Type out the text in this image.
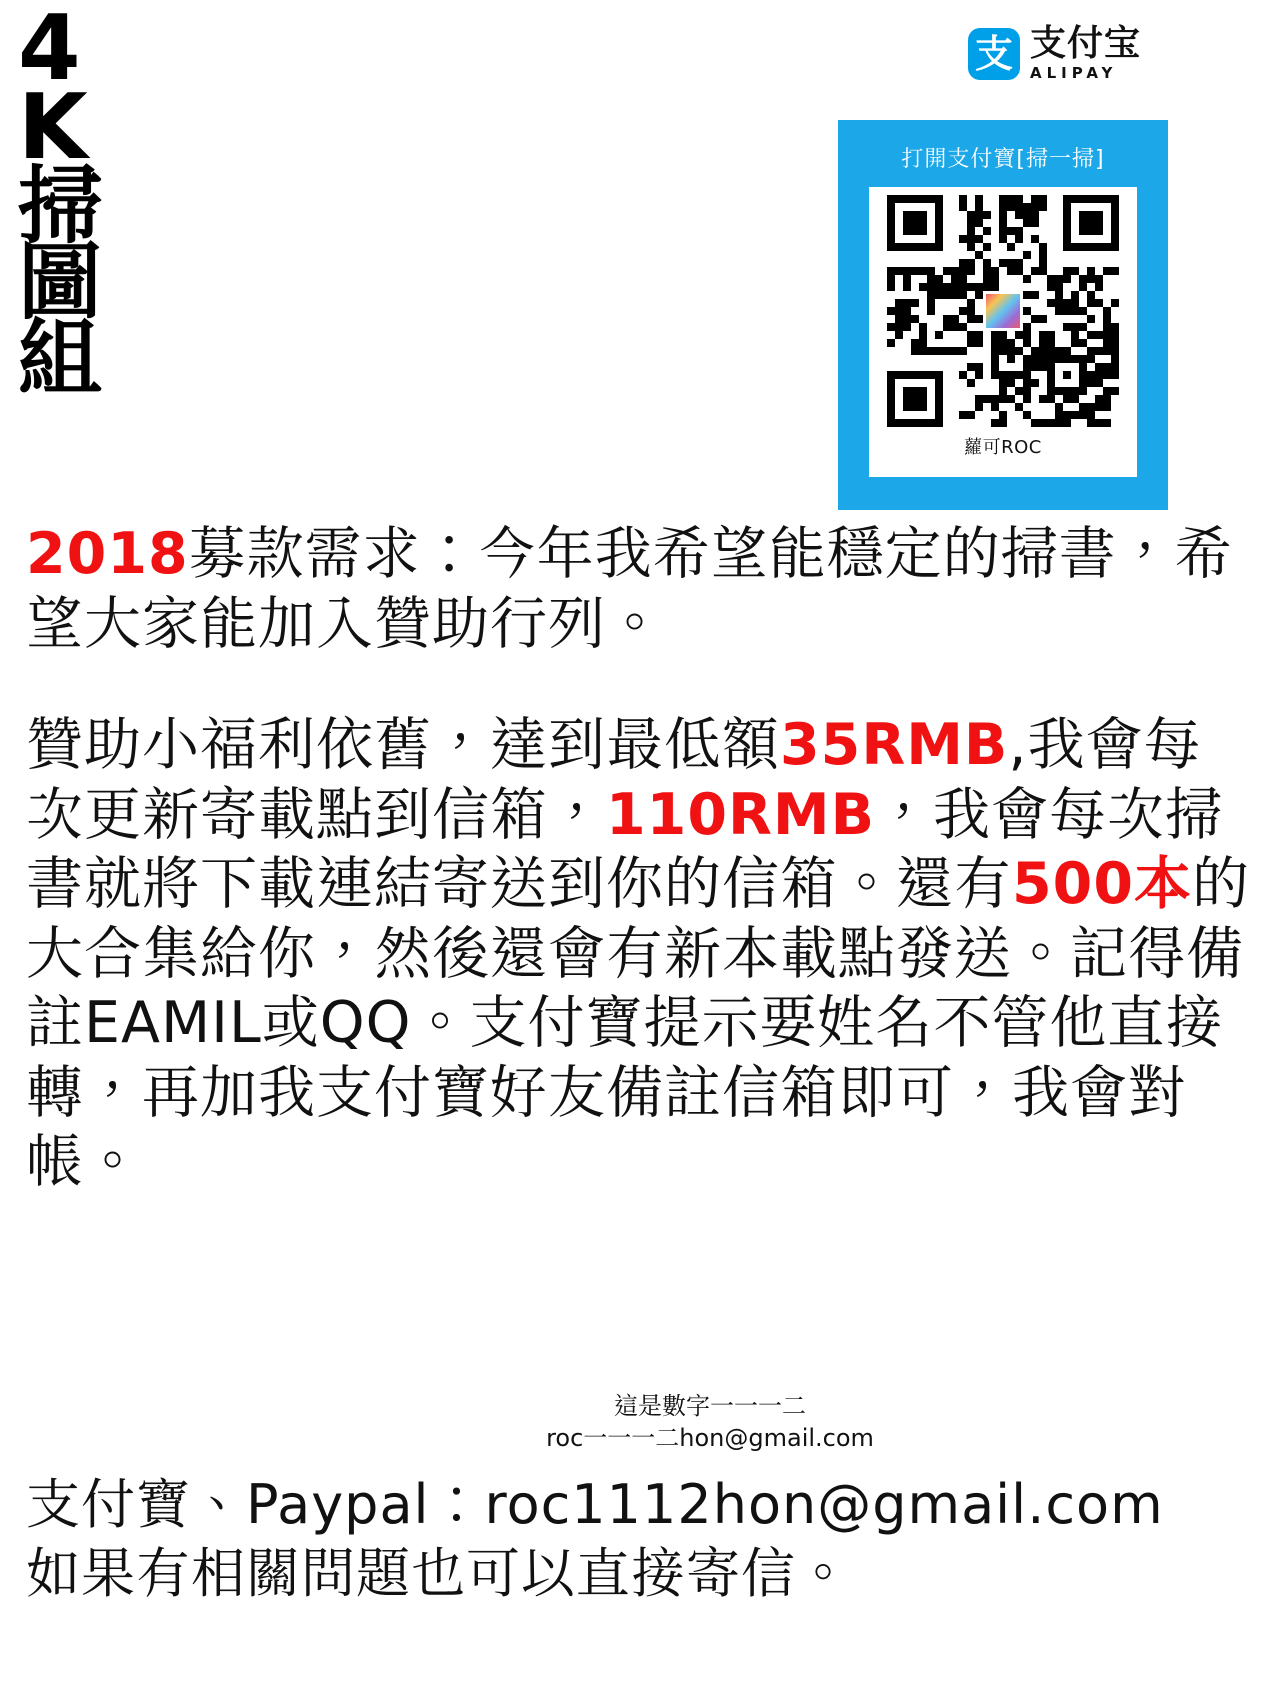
4
K
掃
圖
組
支 支付宝
ALIPAY
打開支付寶[掃一掃]
蘿可ROC

2018募款需求：今年我希望能穩定的掃書，希望大家能加入贊助行列。

贊助小福利依舊，達到最低額35RMB,我會每次更新寄載點到信箱，110RMB，我會每次掃書就將下載連結寄送到你的信箱。還有500本的大合集給你，然後還會有新本載點發送。記得備註EAMIL或QQ。支付寶提示要姓名不管他直接轉，再加我支付寶好友備註信箱即可，我會對帳。

這是數字一一一二
roc一一一二hon@gmail.com
支付寶、Paypal：roc1112hon@gmail.com
如果有相關問題也可以直接寄信。
